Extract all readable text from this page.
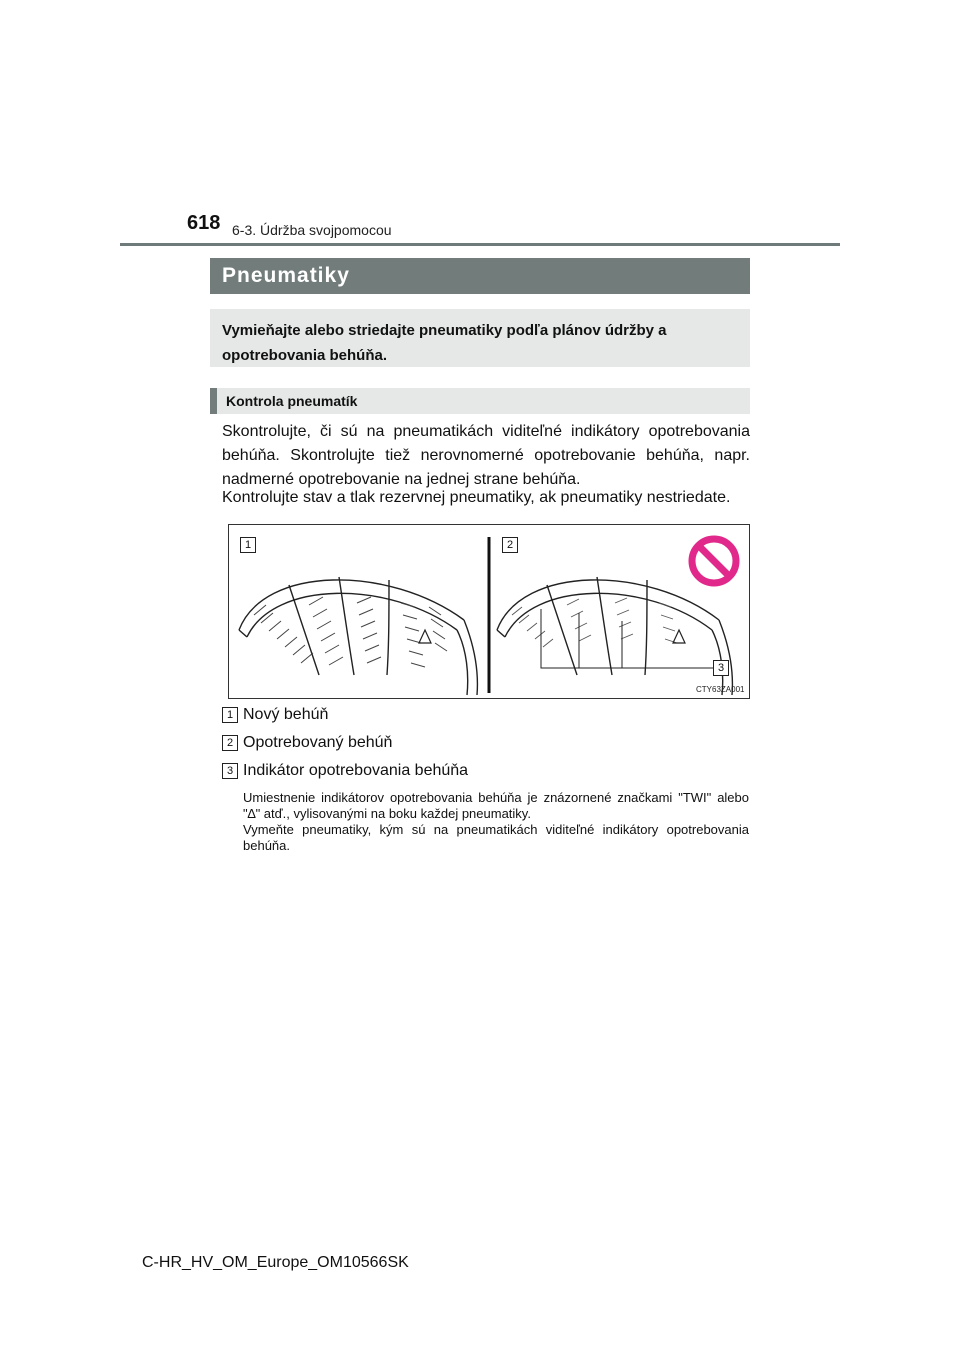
618 6-3. Údržba svojpomocou
Pneumatiky
Vymieňajte alebo striedajte pneumatiky podľa plánov údržby a opotrebovania behúňa.
Kontrola pneumatík
Skontrolujte, či sú na pneumatikách viditeľné indikátory opotrebovania behúňa. Skontrolujte tiež nerovnomerné opotrebovanie behúňa, napr. nadmerné opotrebovanie na jednej strane behúňa.
Kontrolujte stav a tlak rezervnej pneumatiky, ak pneumatiky nestriedate.
1	2
3
CTY63ZA001
1 Nový behúň
2 Opotrebovaný behúň
3 Indikátor opotrebovania behúňa

Umiestnenie indikátorov opotrebovania behúňa je znázornené značkami "TWI" alebo "∆" atď., vylisovanými na boku každej pneumatiky.

Vymeňte pneumatiky, kým sú na pneumatikách viditeľné indikátory opotrebovania behúňa.

C-HR_HV_OM_Europe_OM10566SK
